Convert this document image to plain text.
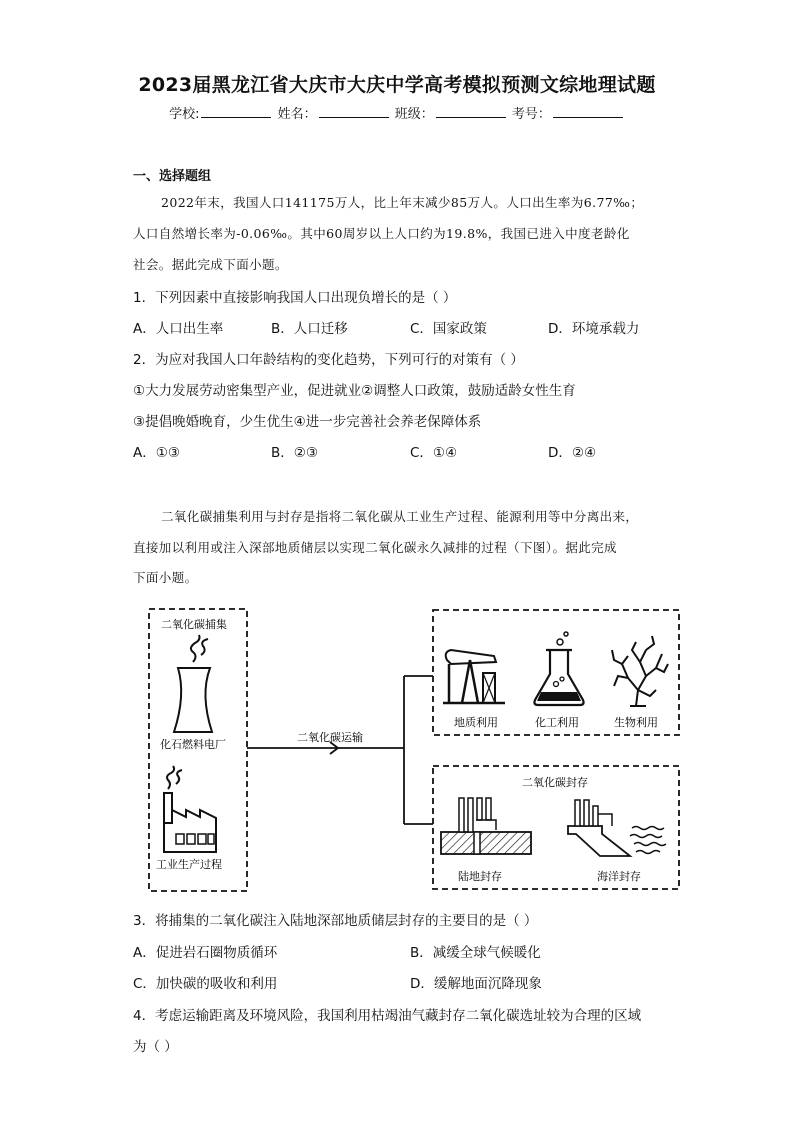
2023届黑龙江省大庆市大庆中学高考模拟预测文综地理试题
学校:	姓名：	班级：	考号：
一、选择题组
2022年末，我国人口141175万人，比上年末减少85万人。人口出生率为6.77‰；
人口自然增长率为-0.06‰。其中60周岁以上人口约为19.8%，我国已进入中度老龄化
社会。据此完成下面小题。
1．下列因素中直接影响我国人口出现负增长的是（ ）
A．人口出生率	B．人口迁移	C．国家政策	D．环境承载力
2．为应对我国人口年龄结构的变化趋势，下列可行的对策有（ ）
①大力发展劳动密集型产业，促进就业②调整人口政策，鼓励适龄女性生育
③提倡晚婚晚育，少生优生④进一步完善社会养老保障体系
A．①③	B．②③	C．①④	D．②④
二氧化碳捕集利用与封存是指将二氧化碳从工业生产过程、能源利用等中分离出来，
直接加以利用或注入深部地质储层以实现二氧化碳永久减排的过程（下图）。据此完成
下面小题。
二氧化碳捕集
化石燃料电厂
工业生产过程
二氧化碳运输
地质利用	化工利用	生物利用
二氧化碳封存
陆地封存	海洋封存
3．将捕集的二氧化碳注入陆地深部地质储层封存的主要目的是（ ）
A．促进岩石圈物质循环	B．减缓全球气候暖化
C．加快碳的吸收和利用	D．缓解地面沉降现象
4．考虑运输距离及环境风险，我国利用枯竭油气藏封存二氧化碳选址较为合理的区域
为（ ）
